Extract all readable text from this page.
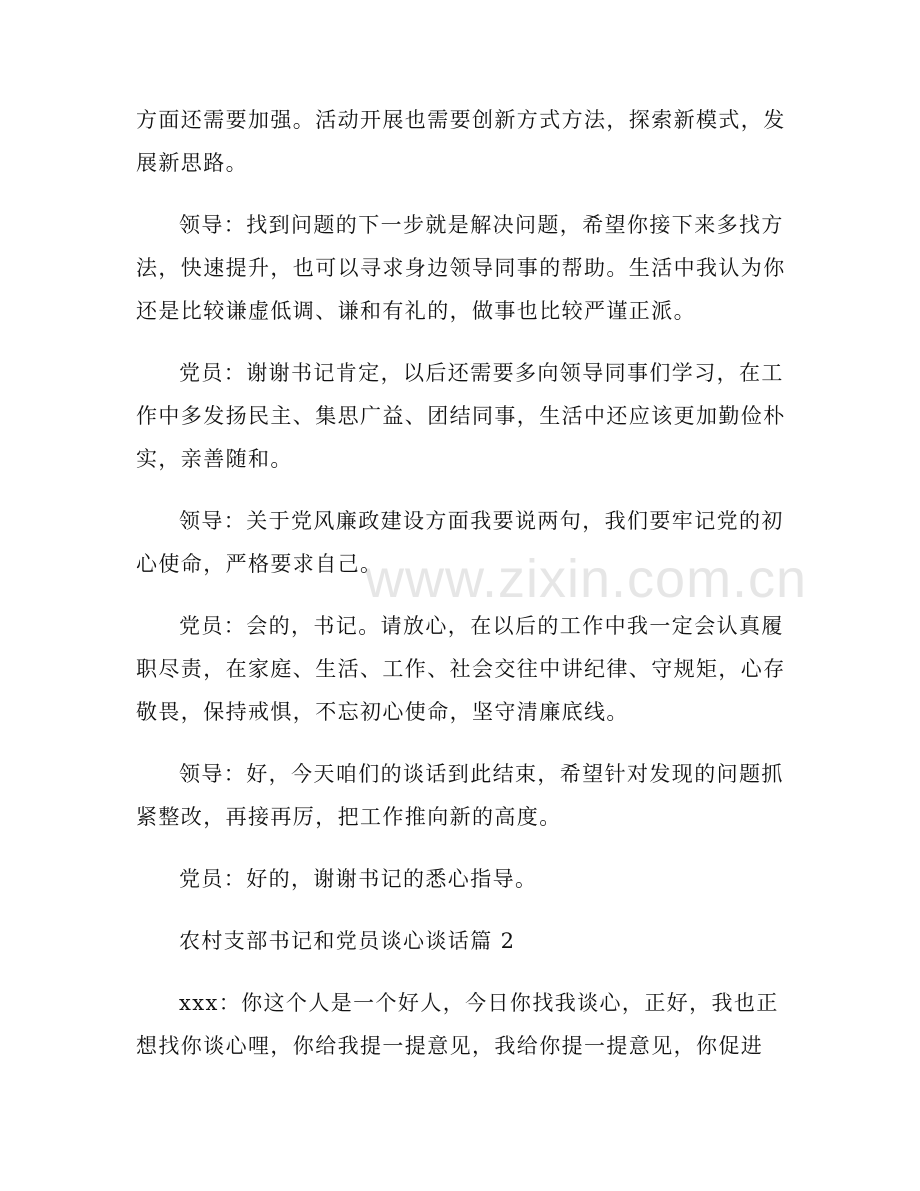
www.zixin.com.cn

方面还需要加强。活动开展也需要创新方式方法，探索新模式，发展新思路。

领导：找到问题的下一步就是解决问题，希望你接下来多找方法，快速提升，也可以寻求身边领导同事的帮助。生活中我认为你还是比较谦虚低调、谦和有礼的，做事也比较严谨正派。

党员：谢谢书记肯定，以后还需要多向领导同事们学习，在工作中多发扬民主、集思广益、团结同事，生活中还应该更加勤俭朴实，亲善随和。

领导：关于党风廉政建设方面我要说两句，我们要牢记党的初心使命，严格要求自己。

党员：会的，书记。请放心，在以后的工作中我一定会认真履职尽责，在家庭、生活、工作、社会交往中讲纪律、守规矩，心存敬畏，保持戒惧，不忘初心使命，坚守清廉底线。

领导：好，今天咱们的谈话到此结束，希望针对发现的问题抓紧整改，再接再厉，把工作推向新的高度。

党员：好的，谢谢书记的悉心指导。

农村支部书记和党员谈心谈话篇 2

xxx：你这个人是一个好人，今日你找我谈心，正好，我也正想找你谈心哩，你给我提一提意见，我给你提一提意见，你促进
